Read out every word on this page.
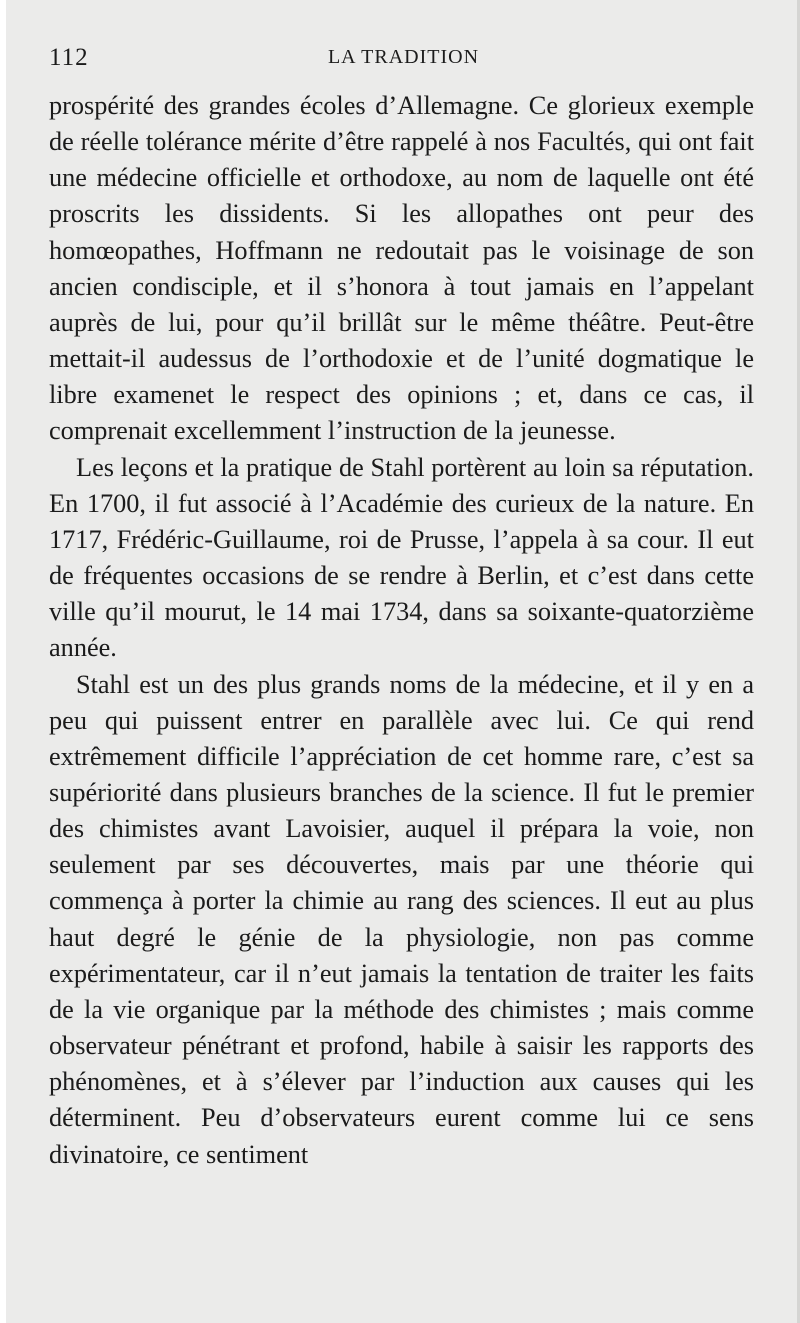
112	LA TRADITION

prospérité des grandes écoles d’Allemagne. Ce glorieux exemple de réelle tolérance mérite d’être rappelé à nos Facultés, qui ont fait une médecine officielle et orthodoxe, au nom de laquelle ont été proscrits les dissidents. Si les allopathes ont peur des homœopathes, Hoffmann ne redoutait pas le voisinage de son ancien condisciple, et il s’honora à tout jamais en l’appelant auprès de lui, pour qu’il brillât sur le même théâtre. Peut-être mettait-il audessus de l’orthodoxie et de l’unité dogmatique le libre examenet le respect des opinions ; et, dans ce cas, il comprenait excellemment l’instruction de la jeunesse.

Les leçons et la pratique de Stahl portèrent au loin sa réputation. En 1700, il fut associé à l’Académie des curieux de la nature. En 1717, Frédéric-Guillaume, roi de Prusse, l’appela à sa cour. Il eut de fréquentes occasions de se rendre à Berlin, et c’est dans cette ville qu’il mourut, le 14 mai 1734, dans sa soixante-quatorzième année.

Stahl est un des plus grands noms de la médecine, et il y en a peu qui puissent entrer en parallèle avec lui. Ce qui rend extrêmement difficile l’appréciation de cet homme rare, c’est sa supériorité dans plusieurs branches de la science. Il fut le premier des chimistes avant Lavoisier, auquel il prépara la voie, non seulement par ses découvertes, mais par une théorie qui commença à porter la chimie au rang des sciences. Il eut au plus haut degré le génie de la physiologie, non pas comme expérimentateur, car il n’eut jamais la tentation de traiter les faits de la vie organique par la méthode des chimistes ; mais comme observateur pénétrant et profond, habile à saisir les rapports des phénomènes, et à s’élever par l’induction aux causes qui les déterminent. Peu d’observateurs eurent comme lui ce sens divinatoire, ce sentiment
